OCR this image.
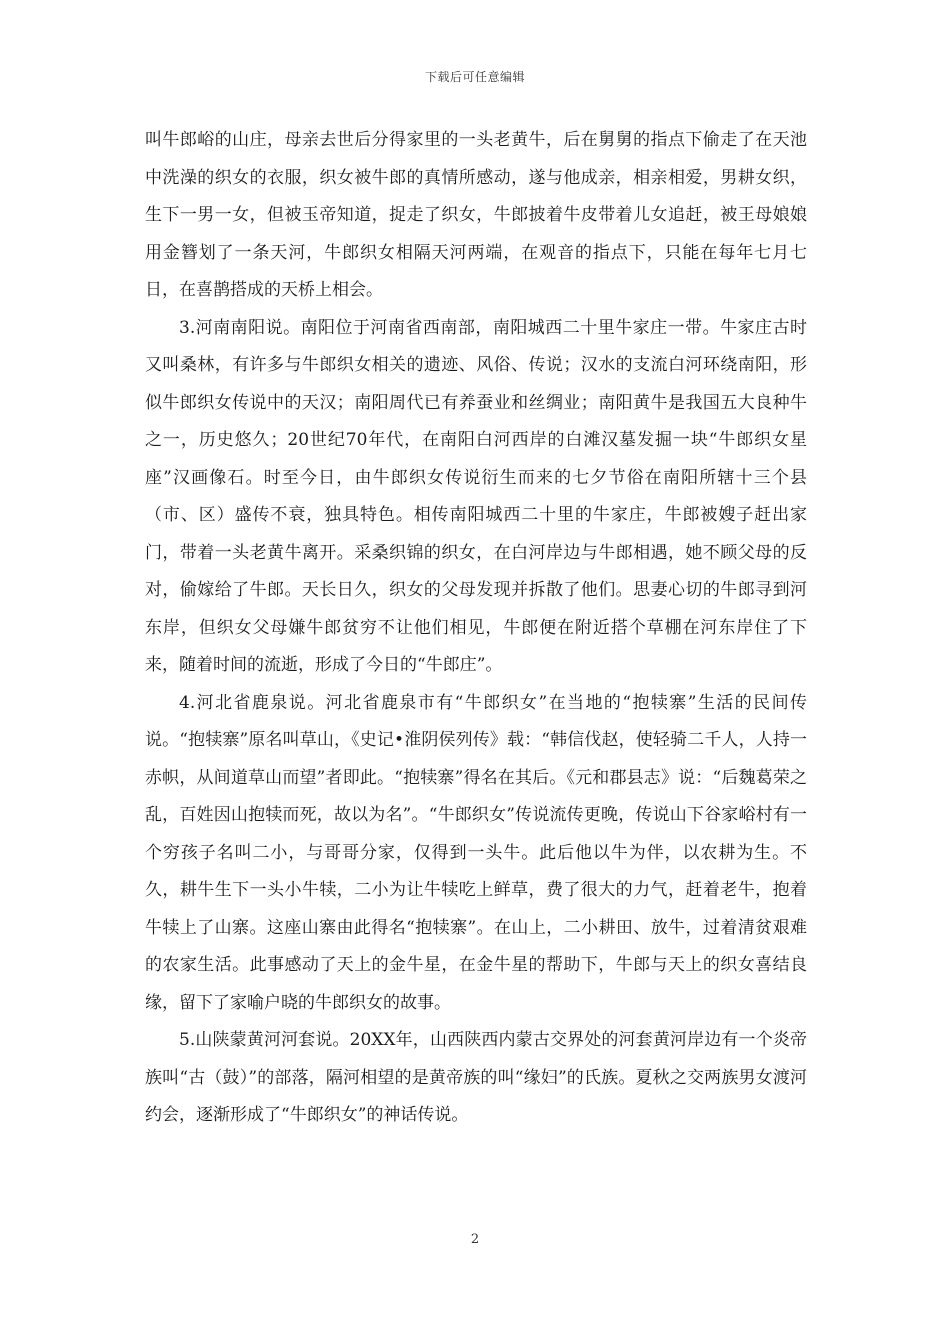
下载后可任意编辑

叫牛郎峪的山庄，母亲去世后分得家里的一头老黄牛，后在舅舅的指点下偷走了在天池中洗澡的织女的衣服，织女被牛郎的真情所感动，遂与他成亲，相亲相爱，男耕女织，生下一男一女，但被玉帝知道，捉走了织女，牛郎披着牛皮带着儿女追赶，被王母娘娘用金簪划了一条天河，牛郎织女相隔天河两端，在观音的指点下，只能在每年七月七日，在喜鹊搭成的天桥上相会。

3.河南南阳说。南阳位于河南省西南部，南阳城西二十里牛家庄一带。牛家庄古时又叫桑林，有许多与牛郎织女相关的遗迹、风俗、传说；汉水的支流白河环绕南阳，形似牛郎织女传说中的天汉；南阳周代已有养蚕业和丝绸业；南阳黄牛是我国五大良种牛之一，历史悠久；20世纪70年代，在南阳白河西岸的白滩汉墓发掘一块“牛郎织女星座”汉画像石。时至今日，由牛郎织女传说衍生而来的七夕节俗在南阳所辖十三个县（市、区）盛传不衰，独具特色。相传南阳城西二十里的牛家庄，牛郎被嫂子赶出家门，带着一头老黄牛离开。采桑织锦的织女，在白河岸边与牛郎相遇，她不顾父母的反对，偷嫁给了牛郎。天长日久，织女的父母发现并拆散了他们。思妻心切的牛郎寻到河东岸，但织女父母嫌牛郎贫穷不让他们相见，牛郎便在附近搭个草棚在河东岸住了下来，随着时间的流逝，形成了今日的“牛郎庄”。

4.河北省鹿泉说。河北省鹿泉市有“牛郎织女”在当地的“抱犊寨”生活的民间传说。“抱犊寨”原名叫草山，《史记•淮阴侯列传》载：“韩信伐赵，使轻骑二千人，人持一赤帜，从间道草山而望”者即此。“抱犊寨”得名在其后。《元和郡县志》说：“后魏葛荣之乱，百姓因山抱犊而死，故以为名”。“牛郎织女”传说流传更晚，传说山下谷家峪村有一个穷孩子名叫二小，与哥哥分家，仅得到一头牛。此后他以牛为伴，以农耕为生。不久，耕牛生下一头小牛犊，二小为让牛犊吃上鲜草，费了很大的力气，赶着老牛，抱着牛犊上了山寨。这座山寨由此得名“抱犊寨”。在山上，二小耕田、放牛，过着清贫艰难的农家生活。此事感动了天上的金牛星，在金牛星的帮助下，牛郎与天上的织女喜结良缘，留下了家喻户晓的牛郎织女的故事。

5.山陕蒙黄河河套说。20XX年，山西陕西内蒙古交界处的河套黄河岸边有一个炎帝族叫“古（鼓）”的部落，隔河相望的是黄帝族的叫“缘妇”的氏族。夏秋之交两族男女渡河约会，逐渐形成了“牛郎织女”的神话传说。

2
